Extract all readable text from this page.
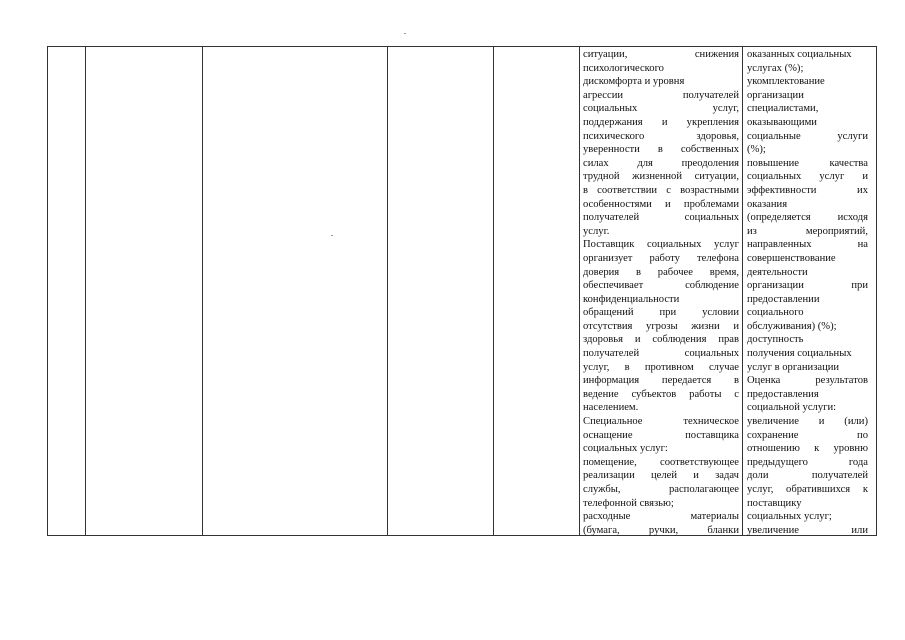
ситуации, снижения
психологического
дискомфорта и уровня
агрессии получателей
социальных услуг,
поддержания и укрепления
психического здоровья,
уверенности в собственных
силах для преодоления
трудной жизненной ситуации,
в соответствии с возрастными
особенностями и проблемами
получателей социальных
услуг.
Поставщик социальных услуг
организует работу телефона
доверия в рабочее время,
обеспечивает соблюдение
конфиденциальности
обращений при условии
отсутствия угрозы жизни и
здоровья и соблюдения прав
получателей социальных
услуг, в противном случае
информация передается в
ведение субъектов работы с
населением.
Специальное техническое
оснащение поставщика
социальных услуг:
помещение, соответствующее
реализации целей и задач
службы, располагающее
телефонной связью;
расходные материалы
(бумага, ручки, бланки
оказанных социальных
услугах (%);
укомплектование
организации
специалистами,
оказывающими
социальные услуги
(%);
повышение качества
социальных услуг и
эффективности их
оказания
(определяется исходя
из мероприятий,
направленных на
совершенствование
деятельности
организации при
предоставлении
социального
обслуживания) (%);
доступность
получения социальных
услуг в организации
Оценка результатов
предоставления
социальной услуги:
увеличение и (или)
сохранение по
отношению к уровню
предыдущего года
доли получателей
услуг, обратившихся к
поставщику
социальных услуг;
увеличение или
